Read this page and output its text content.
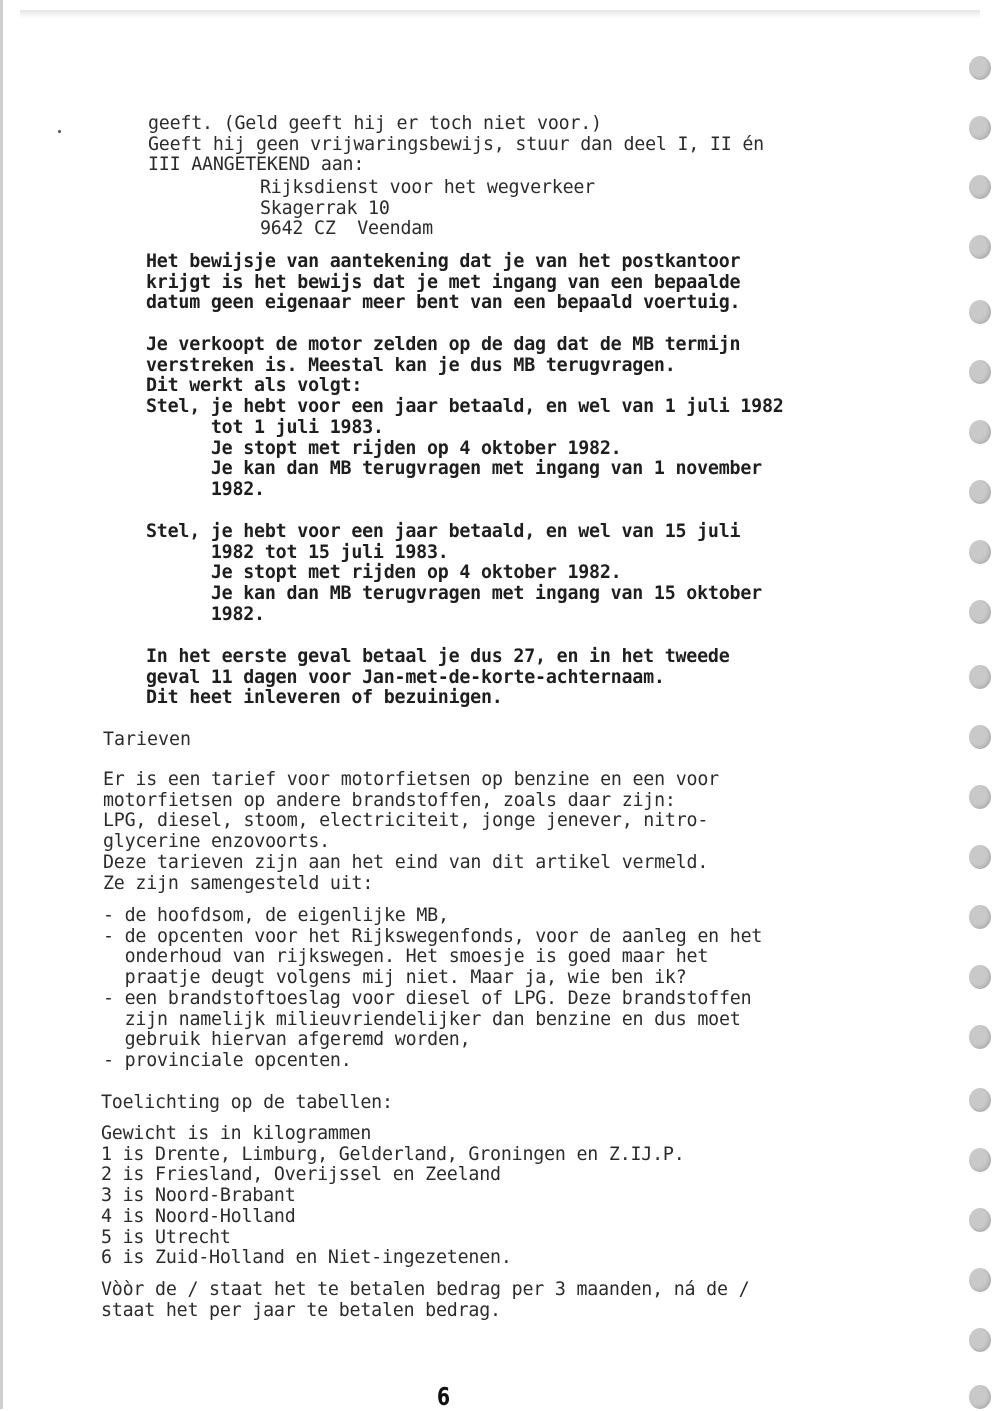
geeft. (Geld geeft hij er toch niet voor.)
Geeft hij geen vrijwaringsbewijs, stuur dan deel I, II én
III AANGETEKEND aan:
Rijksdienst voor het wegverkeer
Skagerrak 10
9642 CZ  Veendam
Het bewijsje van aantekening dat je van het postkantoor
krijgt is het bewijs dat je met ingang van een bepaalde
datum geen eigenaar meer bent van een bepaald voertuig.
Je verkoopt de motor zelden op de dag dat de MB termijn
verstreken is. Meestal kan je dus MB terugvragen.
Dit werkt als volgt:
Stel, je hebt voor een jaar betaald, en wel van 1 juli 1982
tot 1 juli 1983.
Je stopt met rijden op 4 oktober 1982.
Je kan dan MB terugvragen met ingang van 1 november
1982.
Stel, je hebt voor een jaar betaald, en wel van 15 juli
1982 tot 15 juli 1983.
Je stopt met rijden op 4 oktober 1982.
Je kan dan MB terugvragen met ingang van 15 oktober
1982.
In het eerste geval betaal je dus 27, en in het tweede
geval 11 dagen voor Jan-met-de-korte-achternaam.
Dit heet inleveren of bezuinigen.
Tarieven
Er is een tarief voor motorfietsen op benzine en een voor
motorfietsen op andere brandstoffen, zoals daar zijn:
LPG, diesel, stoom, electriciteit, jonge jenever, nitro-
glycerine enzovoorts.
Deze tarieven zijn aan het eind van dit artikel vermeld.
Ze zijn samengesteld uit:
- de hoofdsom, de eigenlijke MB,
- de opcenten voor het Rijkswegenfonds, voor de aanleg en het
onderhoud van rijkswegen. Het smoesje is goed maar het
praatje deugt volgens mij niet. Maar ja, wie ben ik?
- een brandstoftoeslag voor diesel of LPG. Deze brandstoffen
zijn namelijk milieuvriendelijker dan benzine en dus moet
gebruik hiervan afgeremd worden,
- provinciale opcenten.
Toelichting op de tabellen:
Gewicht is in kilogrammen
1 is Drente, Limburg, Gelderland, Groningen en Z.IJ.P.
2 is Friesland, Overijssel en Zeeland
3 is Noord-Brabant
4 is Noord-Holland
5 is Utrecht
6 is Zuid-Holland en Niet-ingezetenen.
Vòòr de / staat het te betalen bedrag per 3 maanden, ná de /
staat het per jaar te betalen bedrag.
6
